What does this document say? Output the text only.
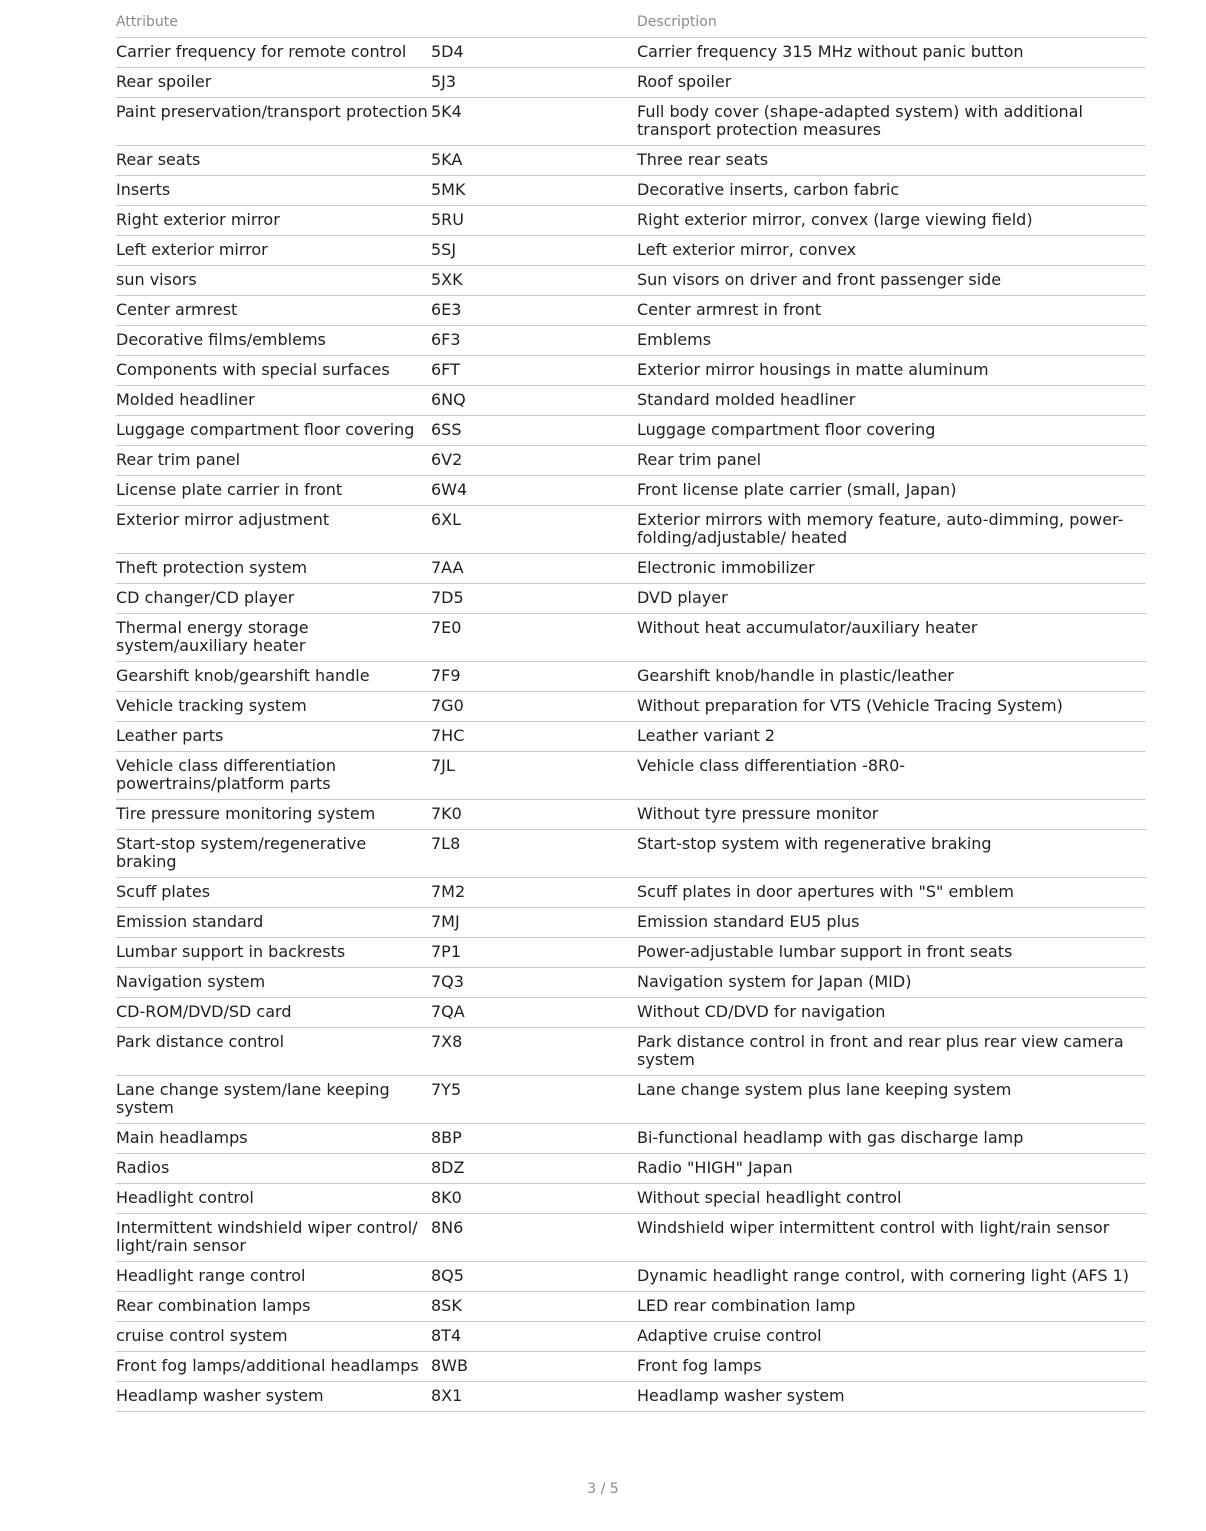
Attribute		Description
Carrier frequency for remote control	5D4	Carrier frequency 315 MHz without panic button
Rear spoiler	5J3	Roof spoiler
Paint preservation/transport protection	5K4	Full body cover (shape-adapted system) with additional transport protection measures
Rear seats	5KA	Three rear seats
Inserts	5MK	Decorative inserts, carbon fabric
Right exterior mirror	5RU	Right exterior mirror, convex (large viewing field)
Left exterior mirror	5SJ	Left exterior mirror, convex
sun visors	5XK	Sun visors on driver and front passenger side
Center armrest	6E3	Center armrest in front
Decorative films/emblems	6F3	Emblems
Components with special surfaces	6FT	Exterior mirror housings in matte aluminum
Molded headliner	6NQ	Standard molded headliner
Luggage compartment floor covering	6SS	Luggage compartment floor covering
Rear trim panel	6V2	Rear trim panel
License plate carrier in front	6W4	Front license plate carrier (small, Japan)
Exterior mirror adjustment	6XL	Exterior mirrors with memory feature, auto-dimming, power-folding/adjustable/ heated
Theft protection system	7AA	Electronic immobilizer
CD changer/CD player	7D5	DVD player
Thermal energy storage system/auxiliary heater	7E0	Without heat accumulator/auxiliary heater
Gearshift knob/gearshift handle	7F9	Gearshift knob/handle in plastic/leather
Vehicle tracking system	7G0	Without preparation for VTS (Vehicle Tracing System)
Leather parts	7HC	Leather variant 2
Vehicle class differentiation powertrains/platform parts	7JL	Vehicle class differentiation -8R0-
Tire pressure monitoring system	7K0	Without tyre pressure monitor
Start-stop system/regenerative braking	7L8	Start-stop system with regenerative braking
Scuff plates	7M2	Scuff plates in door apertures with "S" emblem
Emission standard	7MJ	Emission standard EU5 plus
Lumbar support in backrests	7P1	Power-adjustable lumbar support in front seats
Navigation system	7Q3	Navigation system for Japan (MID)
CD-ROM/DVD/SD card	7QA	Without CD/DVD for navigation
Park distance control	7X8	Park distance control in front and rear plus rear view camera system
Lane change system/lane keeping system	7Y5	Lane change system plus lane keeping system
Main headlamps	8BP	Bi-functional headlamp with gas discharge lamp
Radios	8DZ	Radio "HIGH" Japan
Headlight control	8K0	Without special headlight control
Intermittent windshield wiper control/ light/rain sensor	8N6	Windshield wiper intermittent control with light/rain sensor
Headlight range control	8Q5	Dynamic headlight range control, with cornering light (AFS 1)
Rear combination lamps	8SK	LED rear combination lamp
cruise control system	8T4	Adaptive cruise control
Front fog lamps/additional headlamps	8WB	Front fog lamps
Headlamp washer system	8X1	Headlamp washer system
3 / 5
